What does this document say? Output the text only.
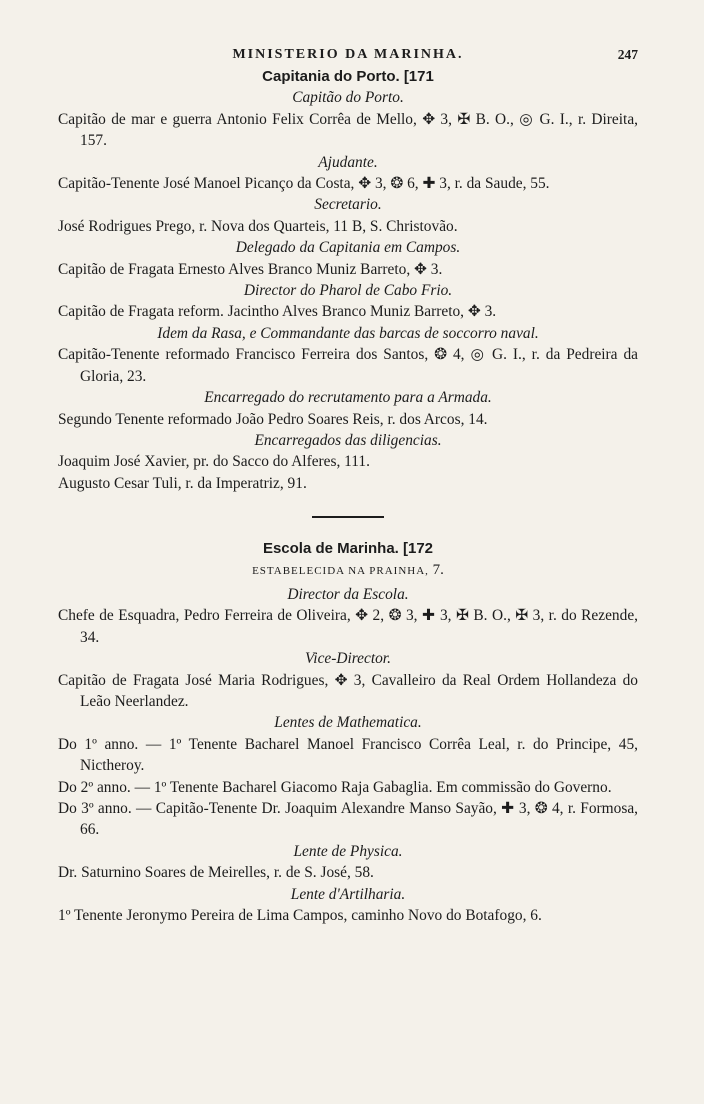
MINISTERIO DA MARINHA.	247
Capitania do Porto. [171
Capitão do Porto.
Capitão de mar e guerra Antonio Felix Corrêa de Mello, ✥ 3, ✠ B. O., ◎ G. I., r. Direita, 157.
Ajudante.
Capitão-Tenente José Manoel Picanço da Costa, ✥ 3, ❂ 6, ✚ 3, r. da Saude, 55.
Secretario.
José Rodrigues Prego, r. Nova dos Quarteis, 11 B, S. Christovão.
Delegado da Capitania em Campos.
Capitão de Fragata Ernesto Alves Branco Muniz Barreto, ✥ 3.
Director do Pharol de Cabo Frio.
Capitão de Fragata reform. Jacintho Alves Branco Muniz Barreto, ✥ 3.
Idem da Rasa, e Commandante das barcas de soccorro naval.
Capitão-Tenente reformado Francisco Ferreira dos Santos, ❂ 4, ◎ G. I., r. da Pedreira da Gloria, 23.
Encarregado do recrutamento para a Armada.
Segundo Tenente reformado João Pedro Soares Reis, r. dos Arcos, 14.
Encarregados das diligencias.
Joaquim José Xavier, pr. do Sacco do Alferes, 111.
Augusto Cesar Tuli, r. da Imperatriz, 91.
Escola de Marinha. [172
ESTABELECIDA NA PRAINHA, 7.
Director da Escola.
Chefe de Esquadra, Pedro Ferreira de Oliveira, ✥ 2, ❂ 3, ✚ 3, ✠ B. O., ✠ 3, r. do Rezende, 34.
Vice-Director.
Capitão de Fragata José Maria Rodrigues, ✥ 3, Cavalleiro da Real Ordem Hollandeza do Leão Neerlandez.
Lentes de Mathematica.
Do 1º anno. — 1º Tenente Bacharel Manoel Francisco Corrêa Leal, r. do Principe, 45, Nictheroy.
Do 2º anno. — 1º Tenente Bacharel Giacomo Raja Gabaglia. Em commissão do Governo.
Do 3º anno. — Capitão-Tenente Dr. Joaquim Alexandre Manso Sayão, ✚ 3, ❂ 4, r. Formosa, 66.
Lente de Physica.
Dr. Saturnino Soares de Meirelles, r. de S. José, 58.
Lente d'Artilharia.
1º Tenente Jeronymo Pereira de Lima Campos, caminho Novo do Botafogo, 6.
